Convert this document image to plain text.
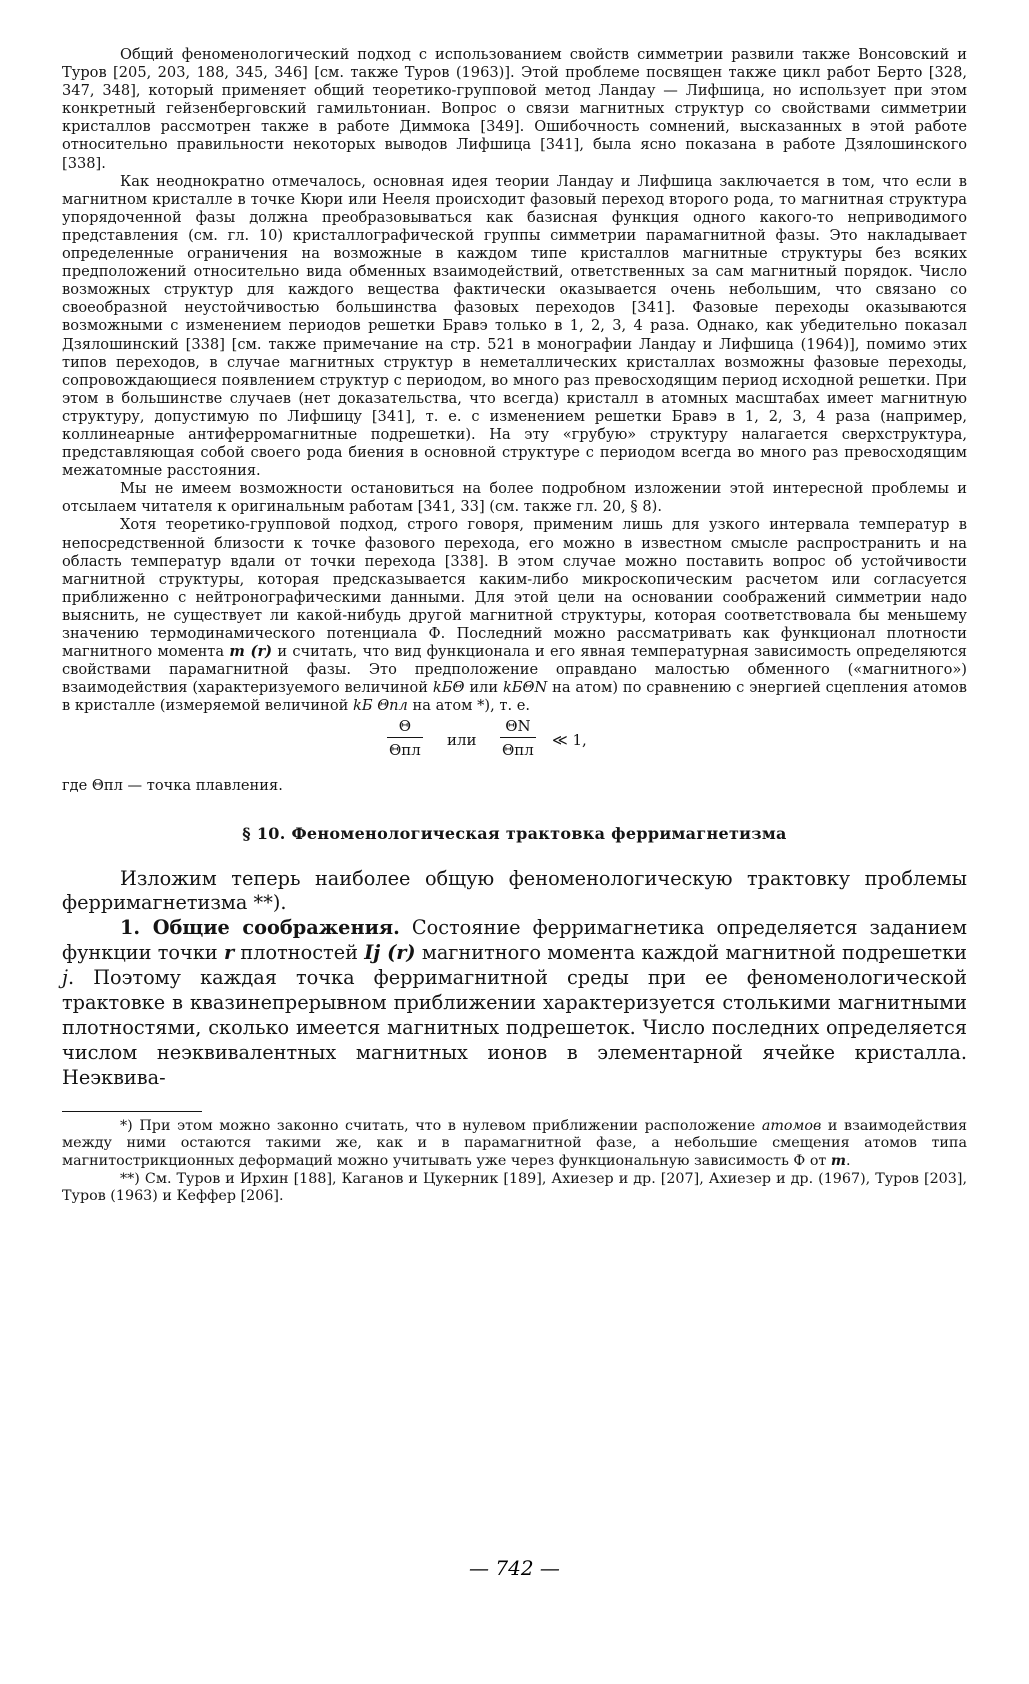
Общий феноменологический подход с использованием свойств симметрии развили также Вонсовский и Туров [205, 203, 188, 345, 346] [см. также Туров (1963)]. Этой проблеме посвящен также цикл работ Берто [328, 347, 348], который применяет общий теоретико-групповой метод Ландау — Лифшица, но использует при этом конкретный гейзенберговский гамильтониан. Вопрос о связи магнитных структур со свойствами симметрии кристаллов рассмотрен также в работе Диммока [349]. Ошибочность сомнений, высказанных в этой работе относительно правильности некоторых выводов Лифшица [341], была ясно показана в работе Дзялошинского [338].

Как неоднократно отмечалось, основная идея теории Ландау и Лифшица заключается в том, что если в магнитном кристалле в точке Кюри или Нееля происходит фазовый переход второго рода, то магнитная структура упорядоченной фазы должна преобразовываться как базисная функция одного какого-то неприводимого представления (см. гл. 10) кристаллографической группы симметрии парамагнитной фазы. Это накладывает определенные ограничения на возможные в каждом типе кристаллов магнитные структуры без всяких предположений относительно вида обменных взаимодействий, ответственных за сам магнитный порядок. Число возможных структур для каждого вещества фактически оказывается очень небольшим, что связано со своеобразной неустойчивостью большинства фазовых переходов [341]. Фазовые переходы оказываются возможными с изменением периодов решетки Бравэ только в 1, 2, 3, 4 раза. Однако, как убедительно показал Дзялошинский [338] [см. также примечание на стр. 521 в монографии Ландау и Лифшица (1964)], помимо этих типов переходов, в случае магнитных структур в неметаллических кристаллах возможны фазовые переходы, сопровождающиеся появлением структур с периодом, во много раз превосходящим период исходной решетки. При этом в большинстве случаев (нет доказательства, что всегда) кристалл в атомных масштабах имеет магнитную структуру, допустимую по Лифшицу [341], т. е. с изменением решетки Бравэ в 1, 2, 3, 4 раза (например, коллинеарные антиферромагнитные подрешетки). На эту «грубую» структуру налагается сверхструктура, представляющая собой своего рода биения в основной структуре с периодом всегда во много раз превосходящим межатомные расстояния.

Мы не имеем возможности остановиться на более подробном изложении этой интересной проблемы и отсылаем читателя к оригинальным работам [341, 33] (см. также гл. 20, § 8).

Хотя теоретико-групповой подход, строго говоря, применим лишь для узкого интервала температур в непосредственной близости к точке фазового перехода, его можно в известном смысле распространить и на область температур вдали от точки перехода [338]. В этом случае можно поставить вопрос об устойчивости магнитной структуры, которая предсказывается каким-либо микроскопическим расчетом или согласуется приближенно с нейтронографическими данными. Для этой цели на основании соображений симметрии надо выяснить, не существует ли какой-нибудь другой магнитной структуры, которая соответствовала бы меньшему значению термодинамического потенциала Ф. Последний можно рассматривать как функционал плотности магнитного момента m (r) и считать, что вид функционала и его явная температурная зависимость определяются свойствами парамагнитной фазы. Это предположение оправдано малостью обменного («магнитного») взаимодействия (характеризуемого величиной kБΘ или kБΘN на атом) по сравнению с энергией сцепления атомов в кристалле (измеряемой величиной kБ Θпл на атом *), т. е.

Θ
Θпл
или
ΘN
Θпл
≪ 1,

где Θпл — точка плавления.

§ 10. Феноменологическая трактовка ферримагнетизма

Изложим теперь наиболее общую феноменологическую трактовку проблемы ферримагнетизма **).

1. Общие соображения. Состояние ферримагнетика определяется заданием функции точки r плотностей Ij (r) магнитного момента каждой магнитной подрешетки j. Поэтому каждая точка ферримагнитной среды при ее феноменологической трактовке в квазинепрерывном приближении характеризуется столькими магнитными плотностями, сколько имеется магнитных подрешеток. Число последних определяется числом неэквивалентных магнитных ионов в элементарной ячейке кристалла. Неэквива-

*) При этом можно законно считать, что в нулевом приближении расположение атомов и взаимодействия между ними остаются такими же, как и в парамагнитной фазе, а небольшие смещения атомов типа магнитострикционных деформаций можно учитывать уже через функциональную зависимость Ф от m.

**) См. Туров и Ирхин [188], Каганов и Цукерник [189], Ахиезер и др. [207], Ахиезер и др. (1967), Туров [203], Туров (1963) и Кеффер [206].

— 742 —
